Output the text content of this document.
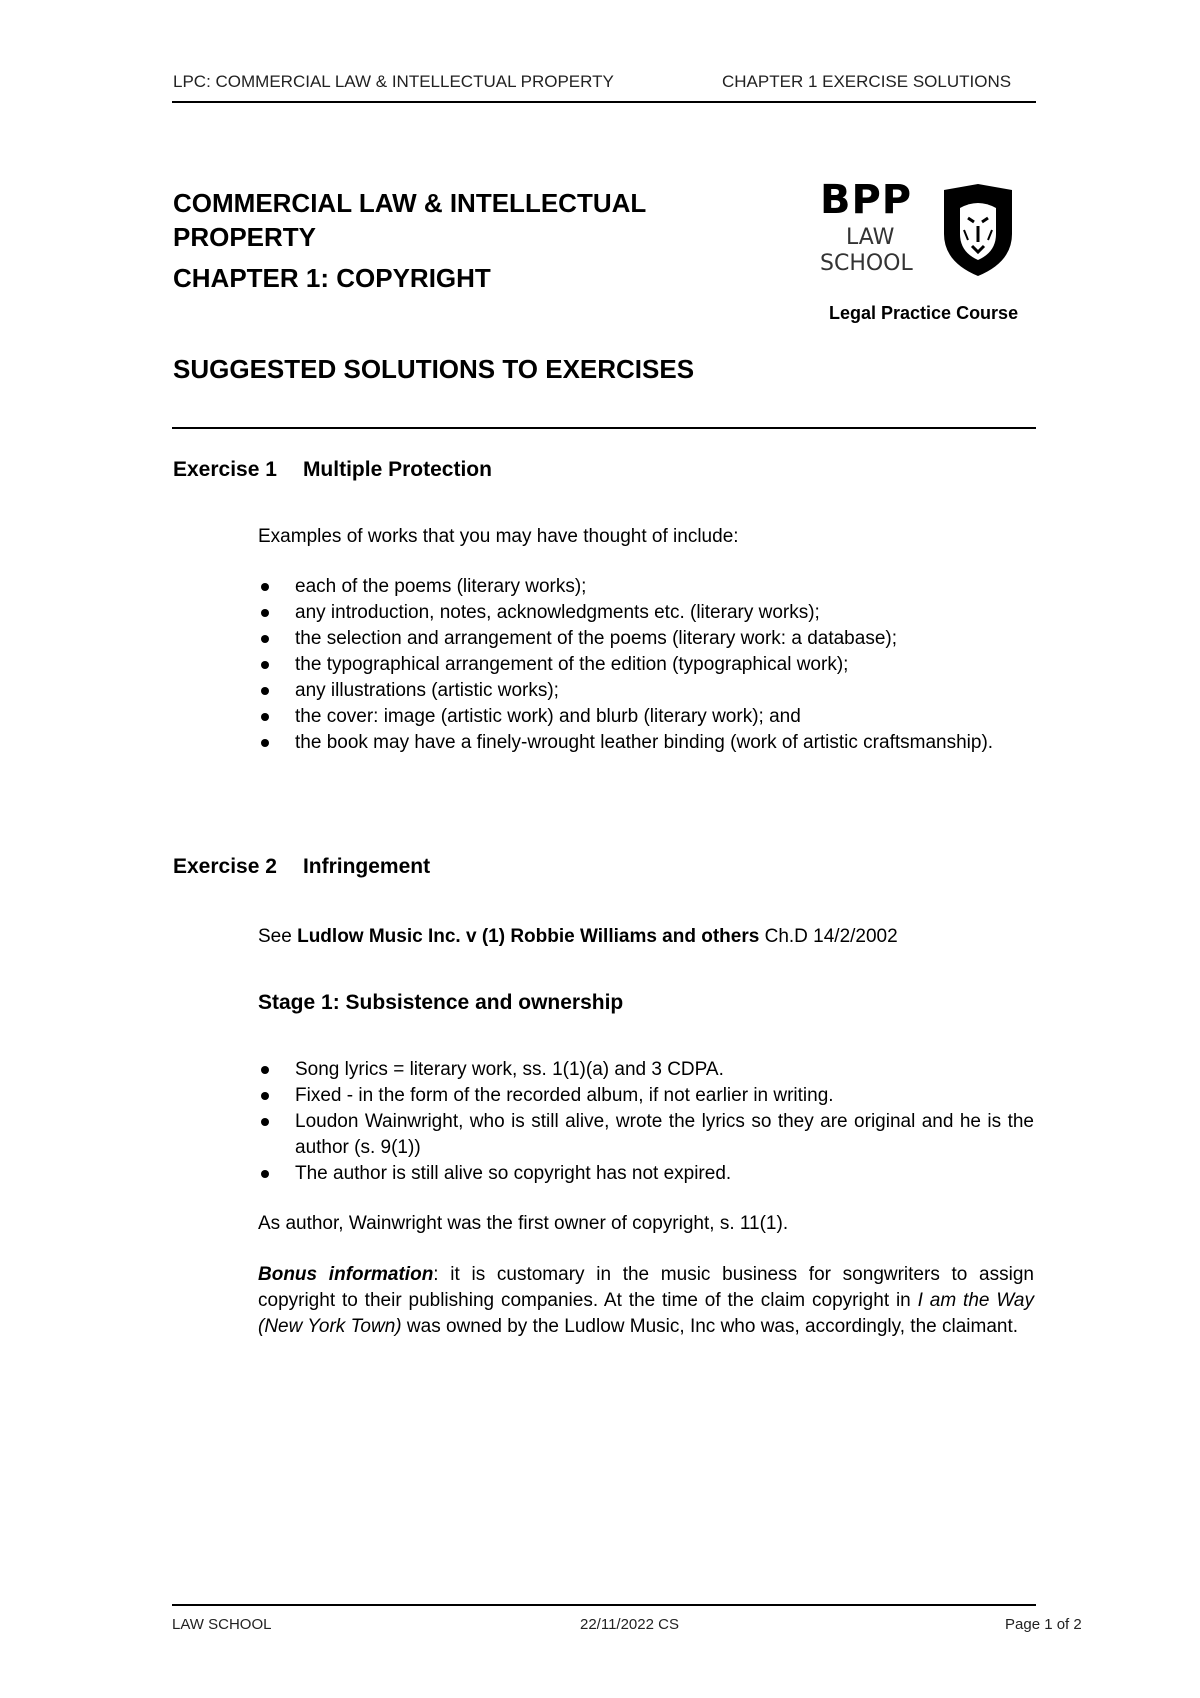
LPC: COMMERCIAL LAW & INTELLECTUAL PROPERTY	CHAPTER 1 EXERCISE SOLUTIONS
COMMERCIAL LAW & INTELLECTUAL
PROPERTY
CHAPTER 1: COPYRIGHT
SUGGESTED SOLUTIONS TO EXERCISES
BPP
LAW
SCHOOL
Legal Practice Course
Exercise 1 Multiple Protection
Examples of works that you may have thought of include:
each of the poems (literary works);
any introduction, notes, acknowledgments etc. (literary works);
the selection and arrangement of the poems (literary work: a database);
the typographical arrangement of the edition (typographical work);
any illustrations (artistic works);
the cover: image (artistic work) and blurb (literary work); and
the book may have a finely-wrought leather binding (work of artistic craftsmanship).
Exercise 2 Infringement
See Ludlow Music Inc. v (1) Robbie Williams and others Ch.D 14/2/2002
Stage 1: Subsistence and ownership
Song lyrics = literary work, ss. 1(1)(a) and 3 CDPA.
Fixed - in the form of the recorded album, if not earlier in writing.
Loudon Wainwright, who is still alive, wrote the lyrics so they are original and he is the author (s. 9(1))
The author is still alive so copyright has not expired.
As author, Wainwright was the first owner of copyright, s. 11(1).
Bonus information: it is customary in the music business for songwriters to assign copyright to their publishing companies. At the time of the claim copyright in I am the Way (New York Town) was owned by the Ludlow Music, Inc who was, accordingly, the claimant.
LAW SCHOOL	22/11/2022 CS	Page 1 of 2
